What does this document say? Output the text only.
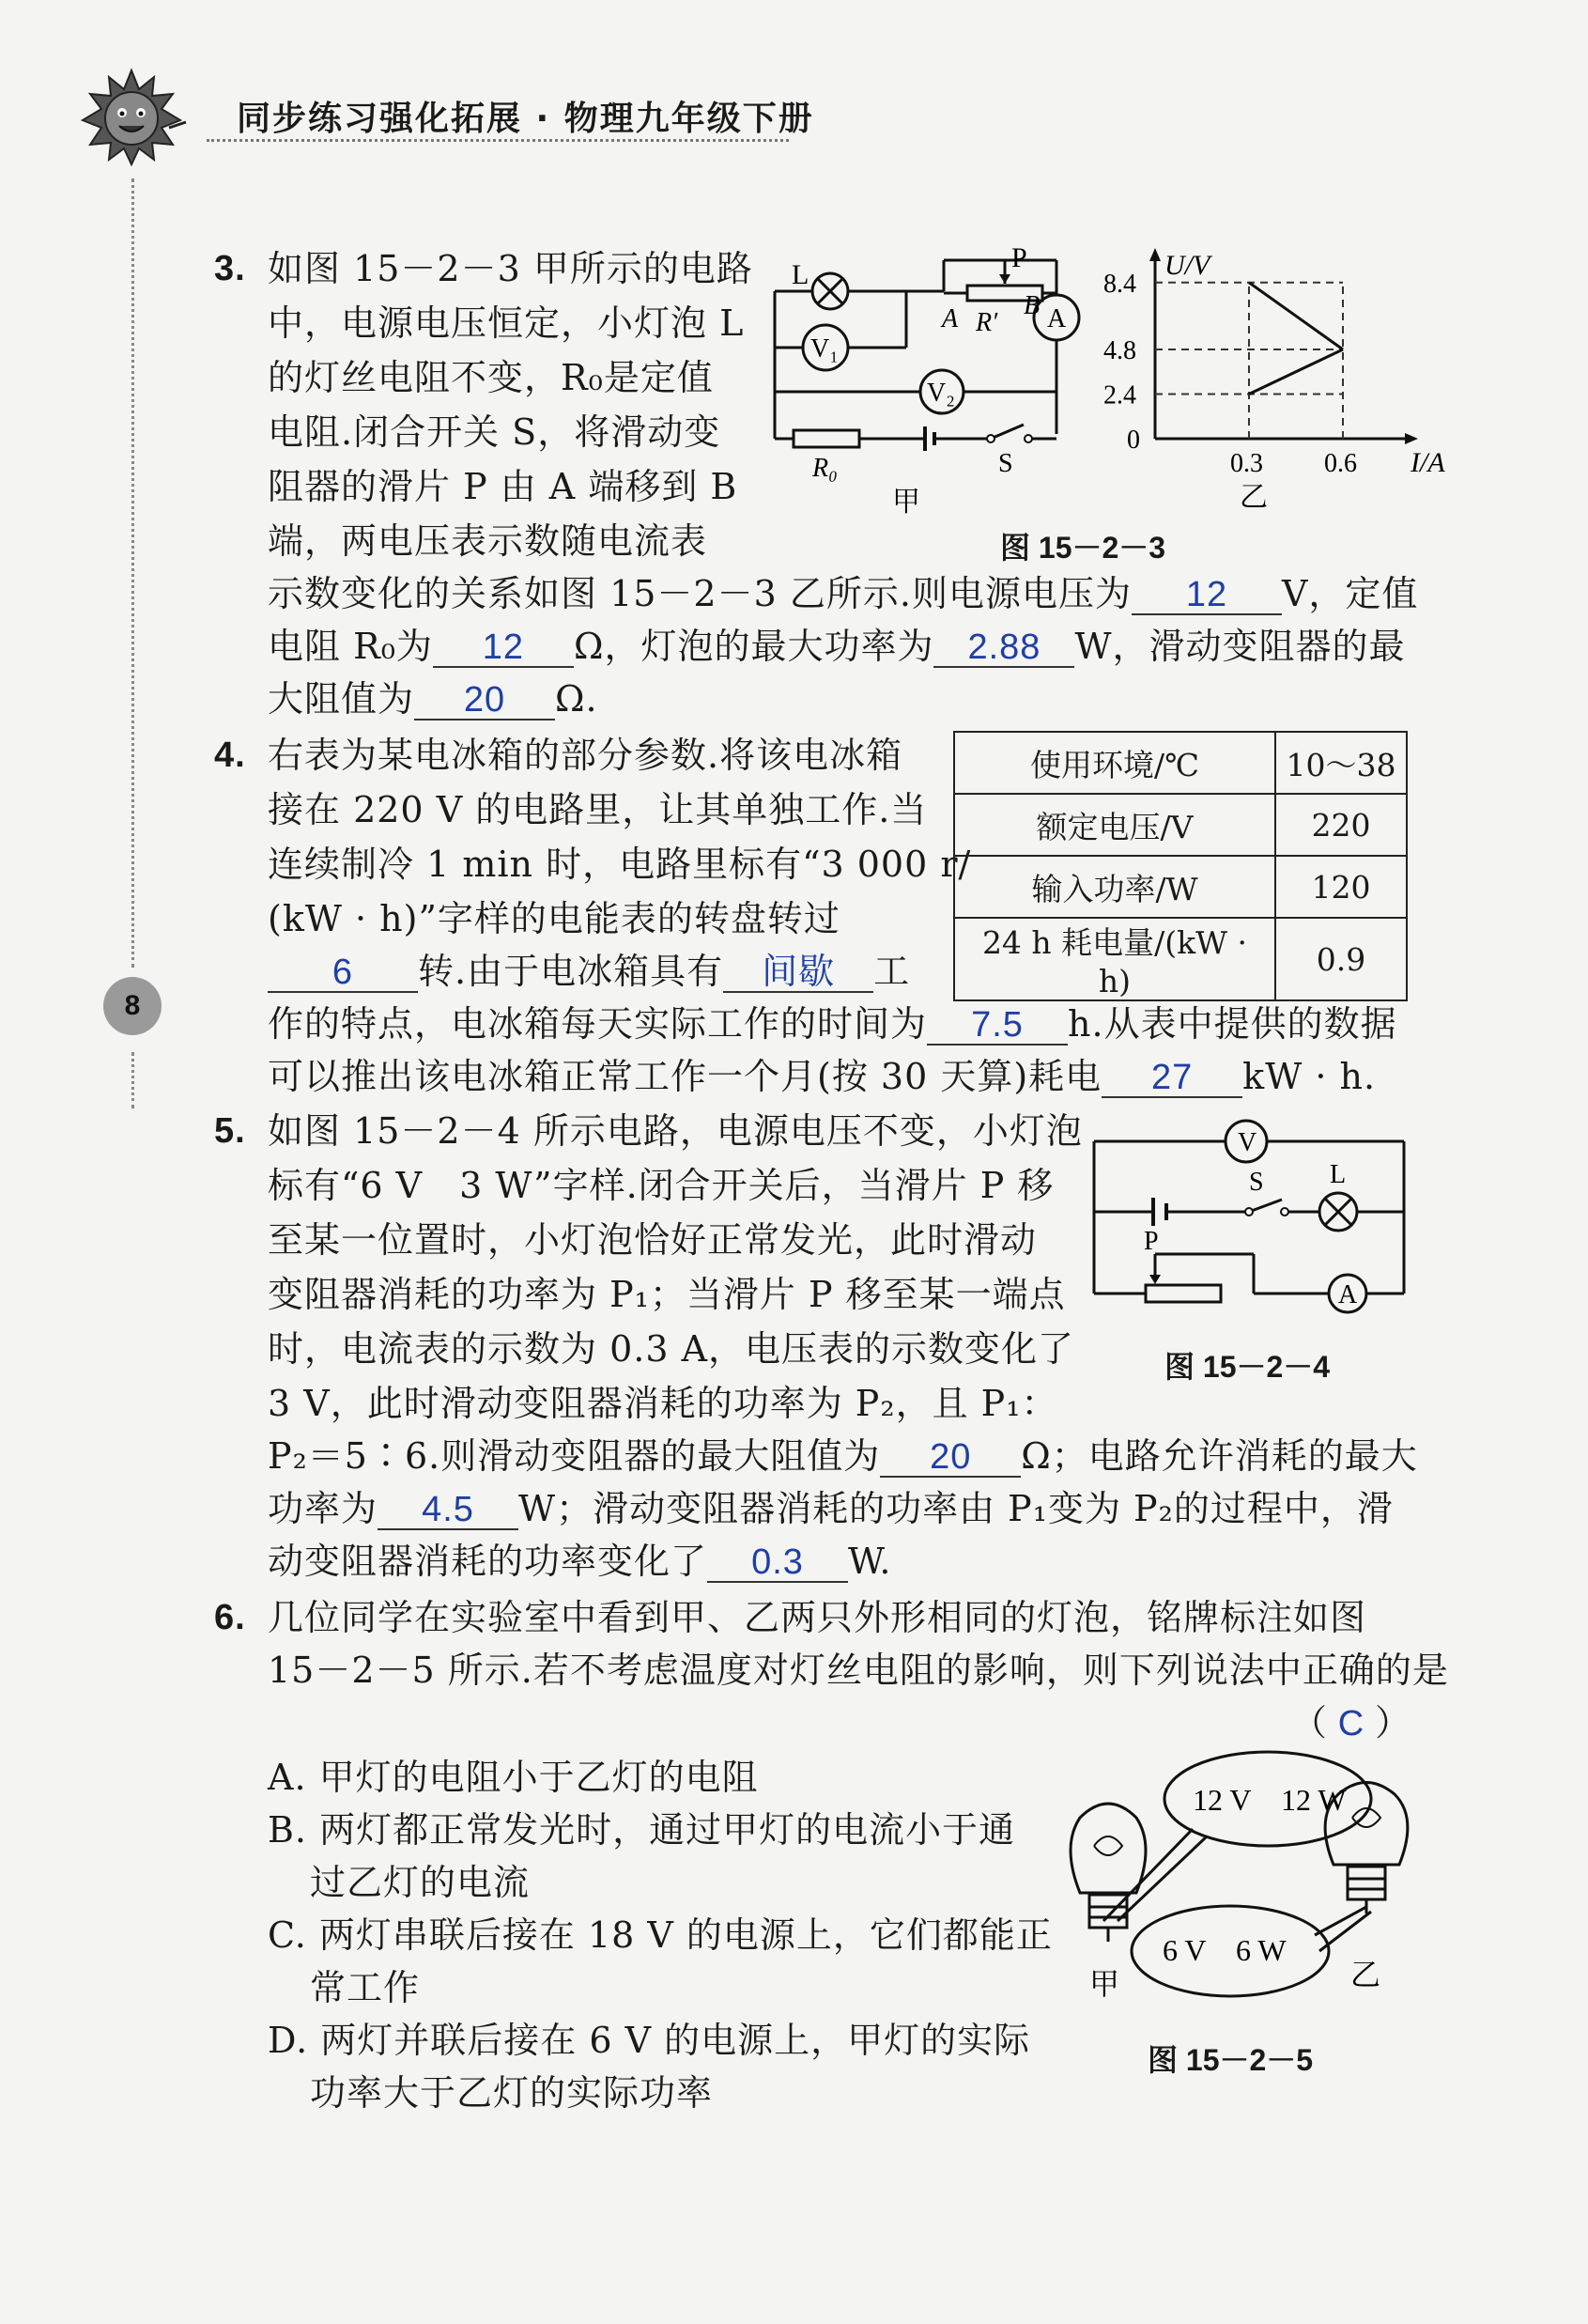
同步练习强化拓展 · 物理九年级下册
8
3. 如图 15－2－3 甲所示的电路
中，电源电压恒定，小灯泡 L
的灯丝电阻不变，R₀是定值
电阻.闭合开关 S，将滑动变
阻器的滑片 P 由 A 端移到 B
端，两电压表示数随电流表
示数变化的关系如图 15－2－3 乙所示.则电源电压为 12 V，定值
电阻 R₀为 12 Ω，灯泡的最大功率为 2.88 W，滑动变阻器的最
大阻值为 20 Ω.
L
P
A R′
B
V₁
V₂
A
R₀	S
甲
I/A
U/V
0
2.4
4.8
8.4
0.3 0.6
乙
图 15－2－3
4. 右表为某电冰箱的部分参数.将该电冰箱
接在 220 V 的电路里，让其单独工作.当
连续制冷 1 min 时，电路里标有“3 000 r/
(kW · h)”字样的电能表的转盘转过
6 转.由于电冰箱具有 间歇 工
作的特点，电冰箱每天实际工作的时间为 7.5 h.从表中提供的数据
可以推出该电冰箱正常工作一个月(按 30 天算)耗电 27 kW · h.
使用环境/℃	10～38
额定电压/V	220
输入功率/W	120
24 h 耗电量/(kW · h)	0.9
5. 如图 15－2－4 所示电路，电源电压不变，小灯泡
标有“6 V　3 W”字样.闭合开关后，当滑片 P 移
至某一位置时，小灯泡恰好正常发光，此时滑动
变阻器消耗的功率为 P₁；当滑片 P 移至某一端点
时，电流表的示数为 0.3 A，电压表的示数变化了
3 V，此时滑动变阻器消耗的功率为 P₂，且 P₁：
P₂＝5∶6.则滑动变阻器的最大阻值为 20 Ω；电路允许消耗的最大
功率为 4.5 W；滑动变阻器消耗的功率由 P₁变为 P₂的过程中，滑
动变阻器消耗的功率变化了 0.3 W.
V
S	L
P
A
图 15－2－4
6. 几位同学在实验室中看到甲、乙两只外形相同的灯泡，铭牌标注如图
15－2－5 所示.若不考虑温度对灯丝电阻的影响，则下列说法中正确的是
（ C ）
A. 甲灯的电阻小于乙灯的电阻
B. 两灯都正常发光时，通过甲灯的电流小于通
过乙灯的电流
C. 两灯串联后接在 18 V 的电源上，它们都能正
常工作
D. 两灯并联后接在 6 V 的电源上，甲灯的实际
功率大于乙灯的实际功率
12 V　12 W
6 V　6 W
甲	乙
图 15－2－5
